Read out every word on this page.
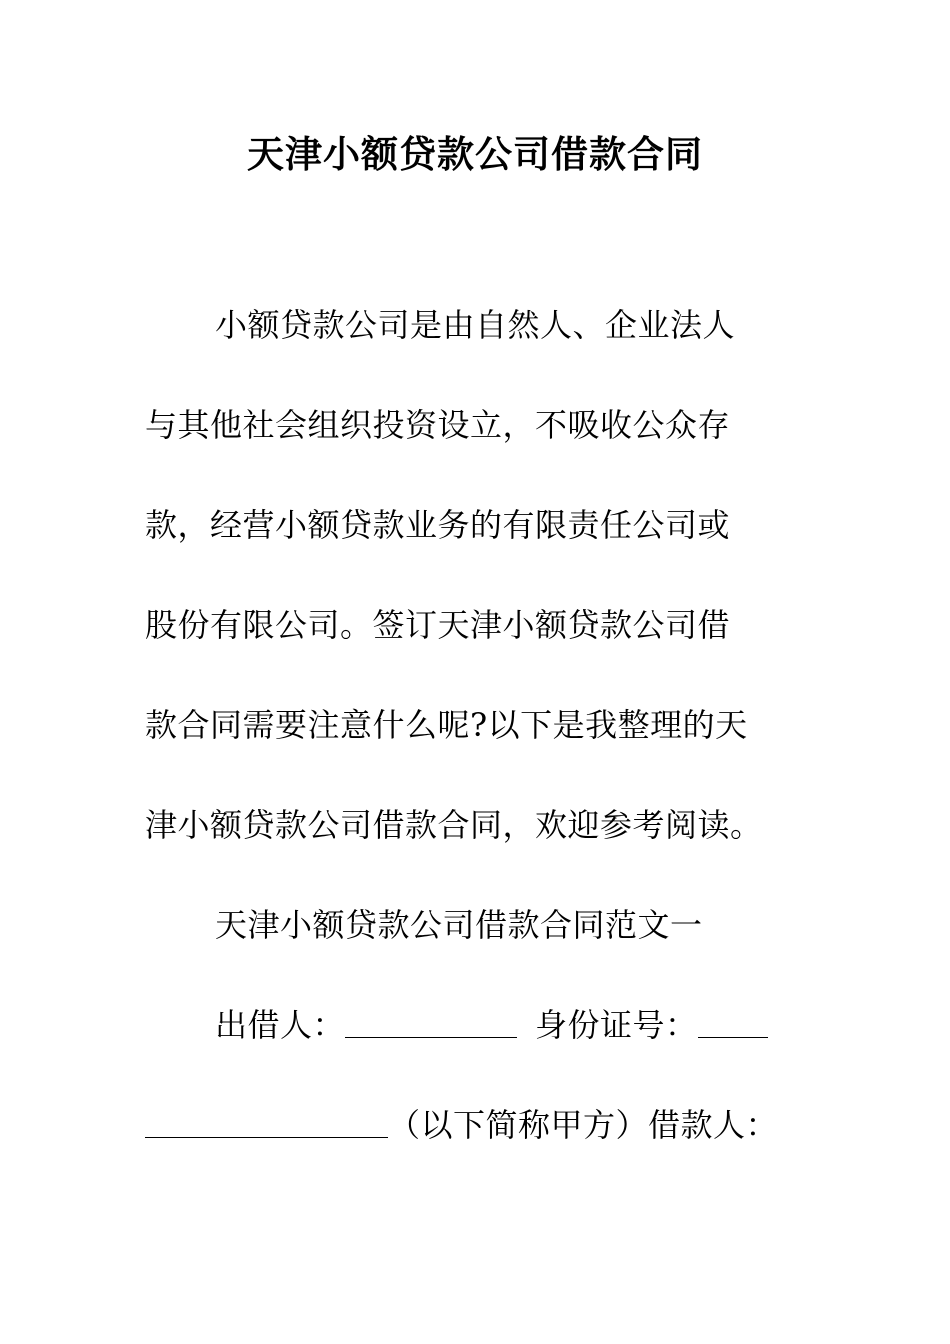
天津小额贷款公司借款合同
小额贷款公司是由自然人、企业法人
与其他社会组织投资设立，不吸收公众存
款，经营小额贷款业务的有限责任公司或
股份有限公司。签订天津小额贷款公司借
款合同需要注意什么呢?以下是我整理的天
津小额贷款公司借款合同，欢迎参考阅读。
天津小额贷款公司借款合同范文一
出借人：	身份证号：
（以下简称甲方）借款人：
